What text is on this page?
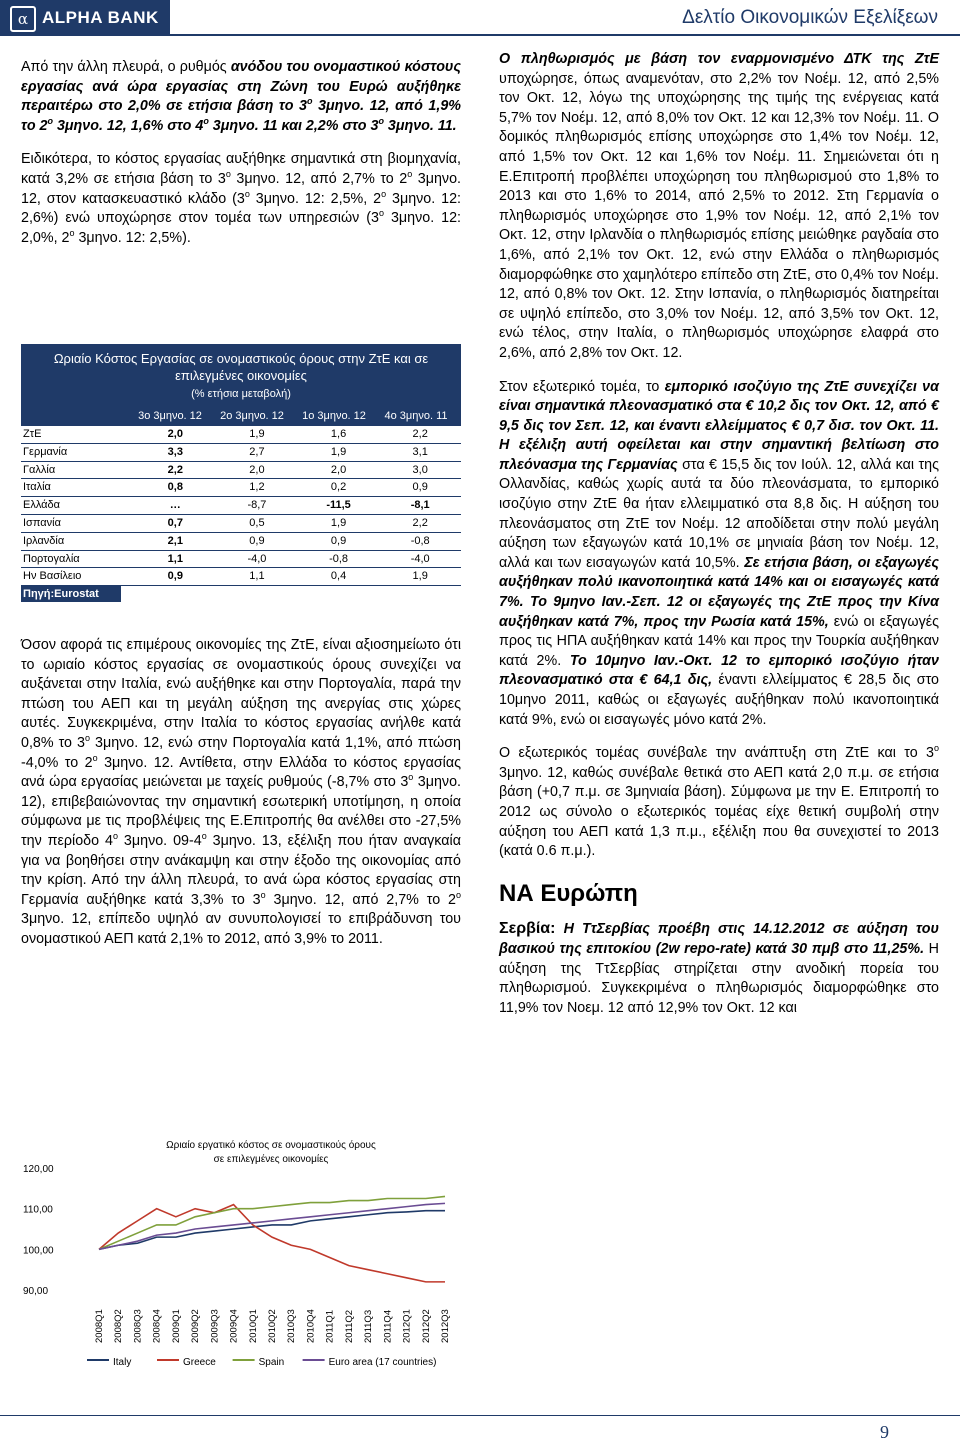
α ALPHA BANK	Δελτίο Οικονομικών Εξελίξεων

Από την άλλη πλευρά, ο ρυθμός ανόδου του ονομαστικού κόστους εργασίας ανά ώρα εργασίας στη Ζώνη του Ευρώ αυξήθηκε περαιτέρω στο 2,0% σε ετήσια βάση το $3^o$ 3μηνο. 12, από 1,9% το $2^o$ 3μηνο. 12, 1,6% στο $4^o$ 3μηνο. 11 και 2,2% στο $3^o$ 3μηνο. 11.

Ειδικότερα, το κόστος εργασίας αυξήθηκε σημαντικά στη βιομηχανία, κατά 3,2% σε ετήσια βάση το $3^o$ 3μηνο. 12, από 2,7% το $2^o$ 3μηνο. 12, στον κατασκευαστικό κλάδο ($3^o$ 3μηνο. 12: 2,5%, $2^o$ 3μηνο. 12: 2,6%) ενώ υποχώρησε στον τομέα των υπηρεσιών ($3^o$ 3μηνο. 12: 2,0%, $2^o$ 3μηνο. 12: 2,5%).

Ωριαίο Κόστος Εργασίας σε ονομαστικούς όρους στην ΖτΕ και σε επιλεγμένες οικονομίες
(% ετήσια μεταβολή)
3ο 3μηνο. 12	2ο 3μηνο. 12	1ο 3μηνο. 12	4ο 3μηνο. 11
ΖτΕ	2,0	1,9	1,6	2,2
Γερμανία	3,3	2,7	1,9	3,1
Γαλλία	2,2	2,0	2,0	3,0
Ιταλία	0,8	1,2	0,2	0,9
Ελλάδα	…	-8,7	-11,5	-8,1
Ισπανία	0,7	0,5	1,9	2,2
Ιρλανδία	2,1	0,9	0,9	-0,8
Πορτογαλία	1,1	-4,0	-0,8	-4,0
Ην Βασίλειο	0,9	1,1	0,4	1,9
Πηγή:Eurostat

Όσον αφορά τις επιμέρους οικονομίες της ΖτΕ, είναι αξιοσημείωτο ότι το ωριαίο κόστος εργασίας σε ονομαστικούς όρους συνεχίζει να αυξάνεται στην Ιταλία, ενώ αυξήθηκε και στην Πορτογαλία, παρά την πτώση του ΑΕΠ και τη μεγάλη αύξηση της ανεργίας στις χώρες αυτές. Συγκεκριμένα, στην Ιταλία το κόστος εργασίας ανήλθε κατά 0,8% το $3^o$ 3μηνο. 12, ενώ στην Πορτογαλία κατά 1,1%, από πτώση -4,0% το $2^o$ 3μηνο. 12. Αντίθετα, στην Ελλάδα το κόστος εργασίας ανά ώρα εργασίας μειώνεται με ταχείς ρυθμούς (-8,7% στο $3^o$ 3μηνο. 12), επιβεβαιώνοντας την σημαντική εσωτερική υποτίμηση, η οποία σύμφωνα με τις προβλέψεις της Ε.Επιτροπής θα ανέλθει στο -27,5% την περίοδο $4^o$ 3μηνο. $09-4^o$ 3μηνο. 13, εξέλιξη που ήταν αναγκαία για να βοηθήσει στην ανάκαμψη και στην έξοδο της οικονομίας από την κρίση. Από την άλλη πλευρά, το ανά ώρα κόστος εργασίας στη Γερμανία αυξήθηκε κατά 3,3% το $3^o$ 3μηνο. 12, από 2,7% το $2^o$ 3μηνο. 12, επίπεδο υψηλό αν συνυπολογισεί το επιβράδυνση του ονομαστικού ΑΕΠ κατά 2,1% το 2012, από 3,9% το 2011.

Ωριαίο εργατικό κόστος σε ονομαστικούς όρους σε επιλεγμένες οικονομίες
90,00
100,00
110,00
120,00
2008Q1 2008Q2 2008Q3 2008Q4 2009Q1 2009Q2 2009Q3 2009Q4 2010Q1 2010Q2 2010Q3 2010Q4 2011Q1 2011Q2 2011Q3 2011Q4 2012Q1 2012Q2 2012Q3
Italy	Greece	Spain	Euro area (17 countries)

Ο πληθωρισμός με βάση τον εναρμονισμένο ΔΤΚ της ΖτΕ υποχώρησε, όπως αναμενόταν, στο 2,2% τον Νοέμ. 12, από 2,5% τον Οκτ. 12, λόγω της υποχώρησης της τιμής της ενέργειας κατά 5,7% τον Νοέμ. 12, από 8,0% τον Οκτ. 12 και 12,3% τον Νοέμ. 11. Ο δομικός πληθωρισμός επίσης υποχώρησε στο 1,4% τον Νοέμ. 12, από 1,5% τον Οκτ. 12 και 1,6% τον Νοέμ. 11. Σημειώνεται ότι η Ε.Επιτροπή προβλέπει υποχώρηση του πληθωρισμού στο 1,8% το 2013 και στο 1,6% το 2014, από 2,5% το 2012. Στη Γερμανία ο πληθωρισμός υποχώρησε στο 1,9% τον Νοέμ. 12, από 2,1% τον Οκτ. 12, στην Ιρλανδία ο πληθωρισμός επίσης μειώθηκε ραγδαία στο 1,6%, από 2,1% τον Οκτ. 12, ενώ στην Ελλάδα ο πληθωρισμός διαμορφώθηκε στο χαμηλότερο επίπεδο στη ΖτΕ, στο 0,4% τον Νοέμ. 12, από 0,8% τον Οκτ. 12. Στην Ισπανία, ο πληθωρισμός διατηρείται σε υψηλό επίπεδο, στο 3,0% τον Νοέμ. 12, από 3,5% τον Οκτ. 12, ενώ τέλος, στην Ιταλία, ο πληθωρισμός υποχώρησε ελαφρά στο 2,6%, από 2,8% τον Οκτ. 12.

Στον εξωτερικό τομέα, το εμπορικό ισοζύγιο της ΖτΕ συνεχίζει να είναι σημαντικά πλεονασματικό στα € 10,2 δις τον Οκτ. 12, από € 9,5 δις τον Σεπ. 12, και έναντι ελλείμματος € 0,7 δισ. τον Οκτ. 11. Η εξέλιξη αυτή οφείλεται και στην σημαντική βελτίωση στο πλεόνασμα της Γερμανίας στα € 15,5 δις τον Ιούλ. 12, αλλά και της Ολλανδίας, καθώς χωρίς αυτά τα δύο πλεονάσματα, το εμπορικό ισοζύγιο στην ΖτΕ θα ήταν ελλειμματικό στα 8,8 δις. Η αύξηση του πλεονάσματος στη ΖτΕ τον Νοέμ. 12 αποδίδεται στην πολύ μεγάλη αύξηση των εξαγωγών κατά 10,1% σε μηνιαία βάση τον Νοέμ. 12, αλλά και των εισαγωγών κατά 10,5%. Σε ετήσια βάση, οι εξαγωγές αυξήθηκαν πολύ ικανοποιητικά κατά 14% και οι εισαγωγές κατά 7%. Το 9μηνο Ιαν.-Σεπ. 12 οι εξαγωγές της ΖτΕ προς την Κίνα αυξήθηκαν κατά 7%, προς την Ρωσία κατά 15%, ενώ οι εξαγωγές προς τις ΗΠΑ αυξήθηκαν κατά 14% και προς την Τουρκία αυξήθηκαν κατά 2%. Το 10μηνο Ιαν.-Οκτ. 12 το εμπορικό ισοζύγιο ήταν πλεονασματικό στα € 64,1 δις, έναντι ελλείμματος € 28,5 δις στο 10μηνο 2011, καθώς οι εξαγωγές αυξήθηκαν πολύ ικανοποιητικά κατά 9%, ενώ οι εισαγωγές μόνο κατά 2%.

Ο εξωτερικός τομέας συνέβαλε την ανάπτυξη στη ΖτΕ και το $3^o$ 3μηνο. 12, καθώς συνέβαλε θετικά στο ΑΕΠ κατά 2,0 π.μ. σε ετήσια βάση (+0,7 π.μ. σε 3μηνιαία βάση). Σύμφωνα με την Ε. Επιτροπή το 2012 ως σύνολο ο εξωτερικός τομέας είχε θετική συμβολή στην αύξηση του ΑΕΠ κατά 1,3 π.μ., εξέλιξη που θα συνεχιστεί το 2013 (κατά 0.6 π.μ.).

ΝΑ Ευρώπη

Σερβία: Η ΤτΣερβίας προέβη στις 14.12.2012 σε αύξηση του βασικού της επιτοκίου (2w repo-rate) κατά 30 πμβ στο 11,25%. Η αύξηση της ΤτΣερβίας στηρίζεται στην ανοδική πορεία του πληθωρισμού. Συγκεκριμένα ο πληθωρισμός διαμορφώθηκε στο 11,9% τον Νοεμ. 12 από 12,9% τον Οκτ. 12 και

9
